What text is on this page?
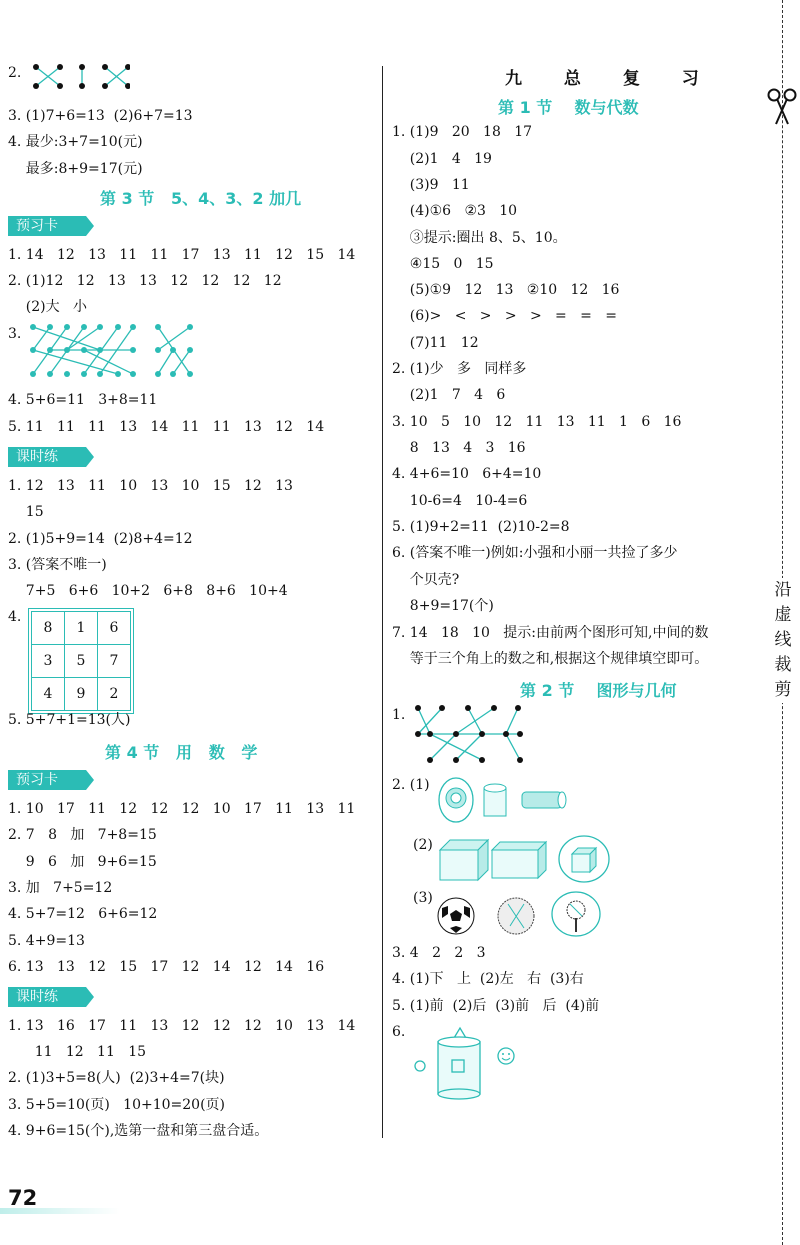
沿
虚
线
裁
剪
2.
3. (1)7+6=13  (2)6+7=13
4. 最少:3+7=10(元)
最多:8+9=17(元)
第 3 节   5、4、3、2 加几
预习卡
1. 14   12   13   11   11   17   13   11   12   15   14
2. (1)12   12   13   13   12   12   12   12
(2)大   小
3.
4. 5+6=11   3+8=11
5. 11   11   11   13   14   11   11   13   12   14
课时练
1. 12   13   11   10   13   10   15   12   13
15
2. (1)5+9=14  (2)8+4=12
3. (答案不唯一)
7+5   6+6   10+2   6+8   8+6   10+4
4.
8	1	6
3	5	7
4	9	2
5. 5+7+1=13(人)
第 4 节   用   数   学
预习卡
1. 10   17   11   12   12   12   10   17   11   13   11
2. 7   8   加   7+8=15
9   6   加   9+6=15
3. 加   7+5=12
4. 5+7=12   6+6=12
5. 4+9=13
6. 13   13   12   15   17   12   14   12   14   16
课时练
1. 13   16   17   11   13   12   12   12   10   13   14
11   12   11   15
2. (1)3+5=8(人)  (2)3+4=7(块)
3. 5+5=10(页)   10+10=20(页)
4. 9+6=15(个),选第一盘和第三盘合适。
72
九 总 复 习
第 1 节    数与代数
1. (1)9   20   18   17
(2)1   4   19
(3)9   11
(4)①6   ②3   10
③提示:圈出 8、5、10。
④15   0   15
(5)①9   12   13   ②10   12   16
(6)>   <   >   >   >   =   =   =
(7)11   12
2. (1)少   多   同样多
(2)1   7   4   6
3. 10   5   10   12   11   13   11   1   6   16
8   13   4   3   16
4. 4+6=10   6+4=10
10-6=4   10-4=6
5. (1)9+2=11  (2)10-2=8
6. (答案不唯一)例如:小强和小丽一共捡了多少
个贝壳?
8+9=17(个)
7. 14   18   10   提示:由前两个图形可知,中间的数
等于三个角上的数之和,根据这个规律填空即可。
第 2 节    图形与几何
1.
2. (1)
(2)
(3)
3. 4   2   2   3
4. (1)下   上  (2)左   右  (3)右
5. (1)前  (2)后  (3)前   后  (4)前
6.
